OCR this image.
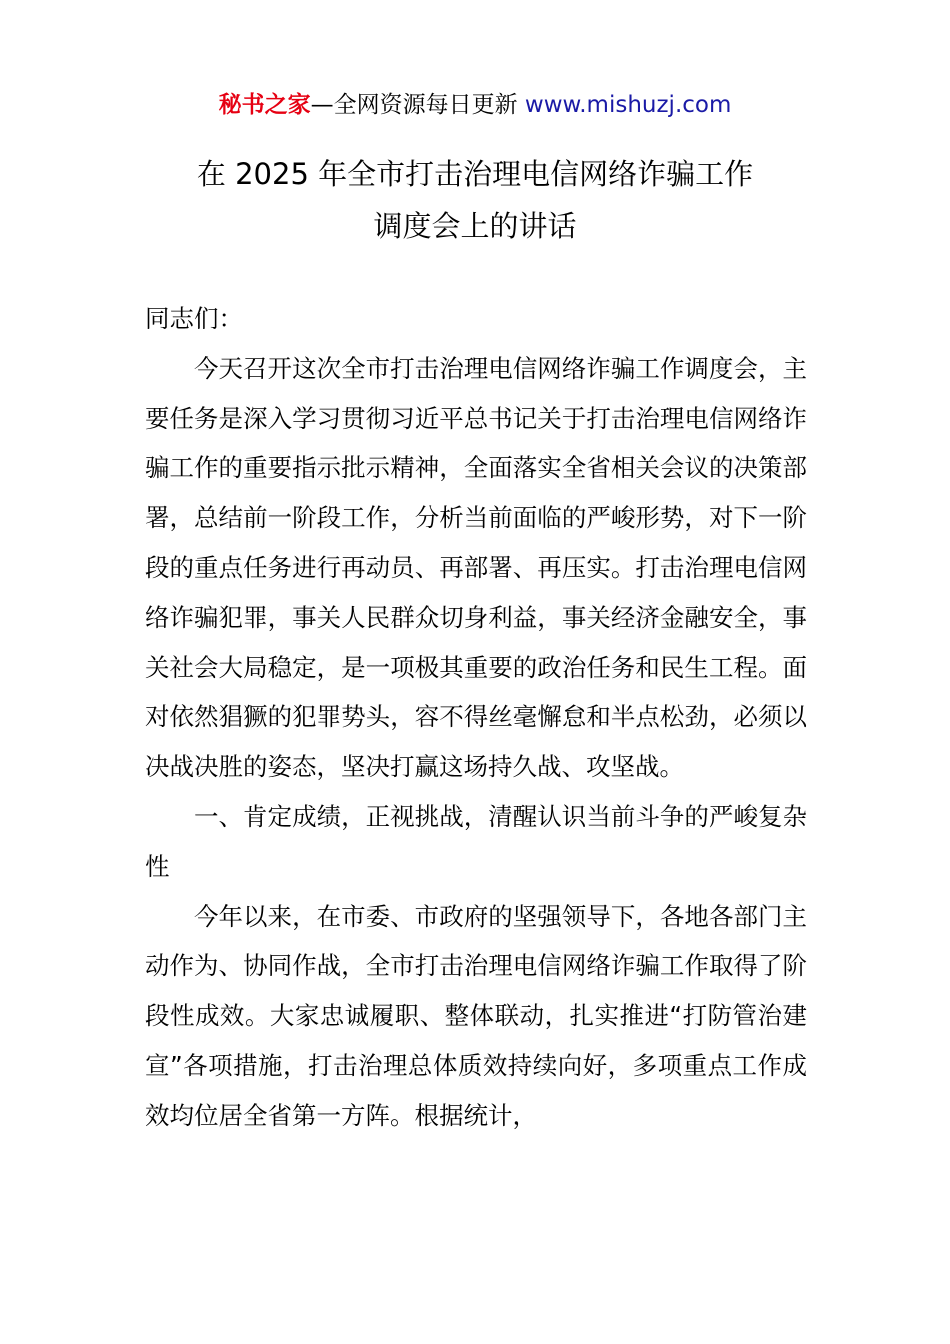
秘书之家—全网资源每日更新 www.mishuzj.com
在 2025 年全市打击治理电信网络诈骗工作
调度会上的讲话

同志们：

今天召开这次全市打击治理电信网络诈骗工作调度会，主要任务是深入学习贯彻习近平总书记关于打击治理电信网络诈骗工作的重要指示批示精神，全面落实全省相关会议的决策部署，总结前一阶段工作，分析当前面临的严峻形势，对下一阶段的重点任务进行再动员、再部署、再压实。打击治理电信网络诈骗犯罪，事关人民群众切身利益，事关经济金融安全，事关社会大局稳定，是一项极其重要的政治任务和民生工程。面对依然猖獗的犯罪势头，容不得丝毫懈怠和半点松劲，必须以决战决胜的姿态，坚决打赢这场持久战、攻坚战。

一、肯定成绩，正视挑战，清醒认识当前斗争的严峻复杂性

今年以来，在市委、市政府的坚强领导下，各地各部门主动作为、协同作战，全市打击治理电信网络诈骗工作取得了阶段性成效。大家忠诚履职、整体联动，扎实推进“打防管治建宣”各项措施，打击治理总体质效持续向好，多项重点工作成效均位居全省第一方阵。根据统计，
